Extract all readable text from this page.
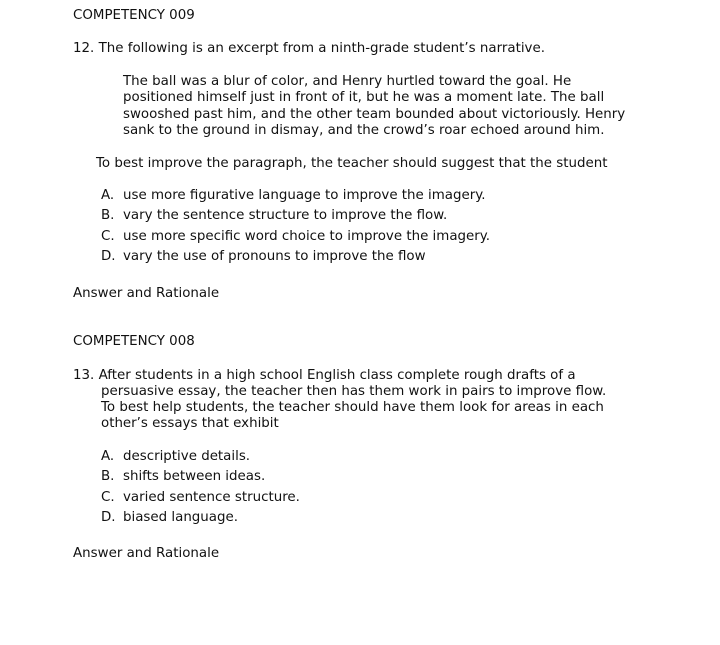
COMPETENCY 009
12. The following is an excerpt from a ninth-grade student’s narrative.
The ball was a blur of color, and Henry hurtled toward the goal. He
positioned himself just in front of it, but he was a moment late. The ball
swooshed past him, and the other team bounded about victoriously. Henry
sank to the ground in dismay, and the crowd’s roar echoed around him.
To best improve the paragraph, the teacher should suggest that the student
A. use more figurative language to improve the imagery.
B. vary the sentence structure to improve the flow.
C. use more specific word choice to improve the imagery.
D. vary the use of pronouns to improve the flow
Answer and Rationale
COMPETENCY 008
13. After students in a high school English class complete rough drafts of a
persuasive essay, the teacher then has them work in pairs to improve flow.
To best help students, the teacher should have them look for areas in each
other’s essays that exhibit
A. descriptive details.
B. shifts between ideas.
C. varied sentence structure.
D. biased language.
Answer and Rationale
